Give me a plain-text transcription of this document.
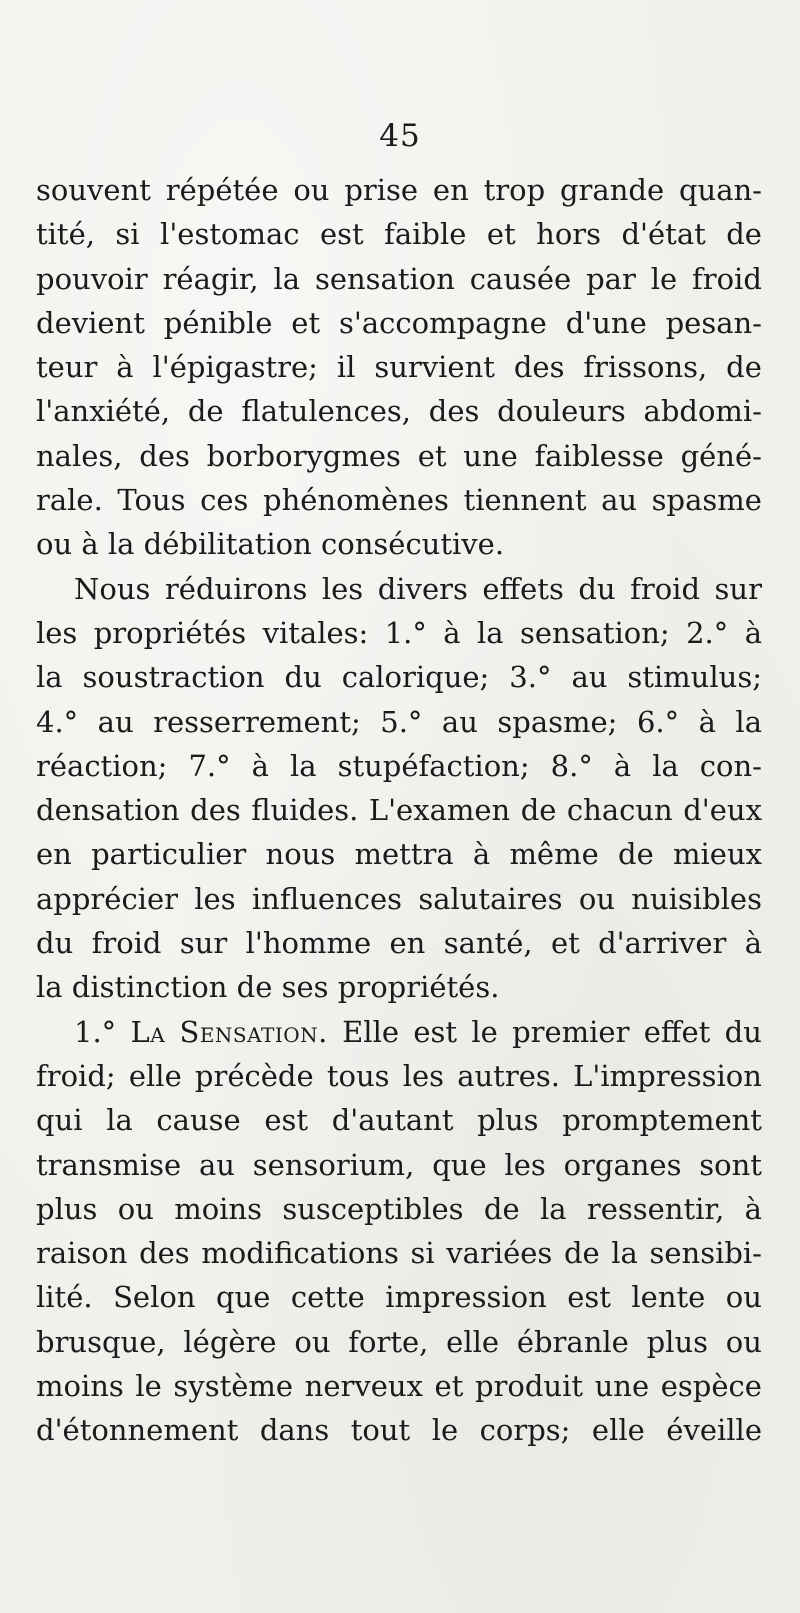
45
souvent répétée ou prise en trop grande quan-
tité, si l'estomac est faible et hors d'état de
pouvoir réagir, la sensation causée par le froid
devient pénible et s'accompagne d'une pesan-
teur à l'épigastre; il survient des frissons, de
l'anxiété, de flatulences, des douleurs abdomi-
nales, des borborygmes et une faiblesse géné-
rale. Tous ces phénomènes tiennent au spasme
ou
à
la
débilitation
consécutive.
Nous réduirons les divers effets du froid sur
les propriétés vitales: 1.° à la sensation; 2.° à
la soustraction du calorique; 3.° au stimulus;
4.° au resserrement; 5.° au spasme; 6.° à la
réaction; 7.° à la stupéfaction; 8.° à la con-
densation des fluides. L'examen de chacun d'eux
en particulier nous mettra à même de mieux
apprécier les influences salutaires ou nuisibles
du froid sur l'homme en santé, et d'arriver à
la
distinction
de
ses
propriétés.
1.° La Sensation. Elle est le premier effet du
froid; elle précède tous les autres. L'impression
qui la cause est d'autant plus promptement
transmise au sensorium, que les organes sont
plus ou moins susceptibles de la ressentir, à
raison des modifications si variées de la sensibi-
lité. Selon que cette impression est lente ou
brusque, légère ou forte, elle ébranle plus ou
moins le système nerveux et produit une espèce
d'étonnement dans tout le corps; elle éveille
